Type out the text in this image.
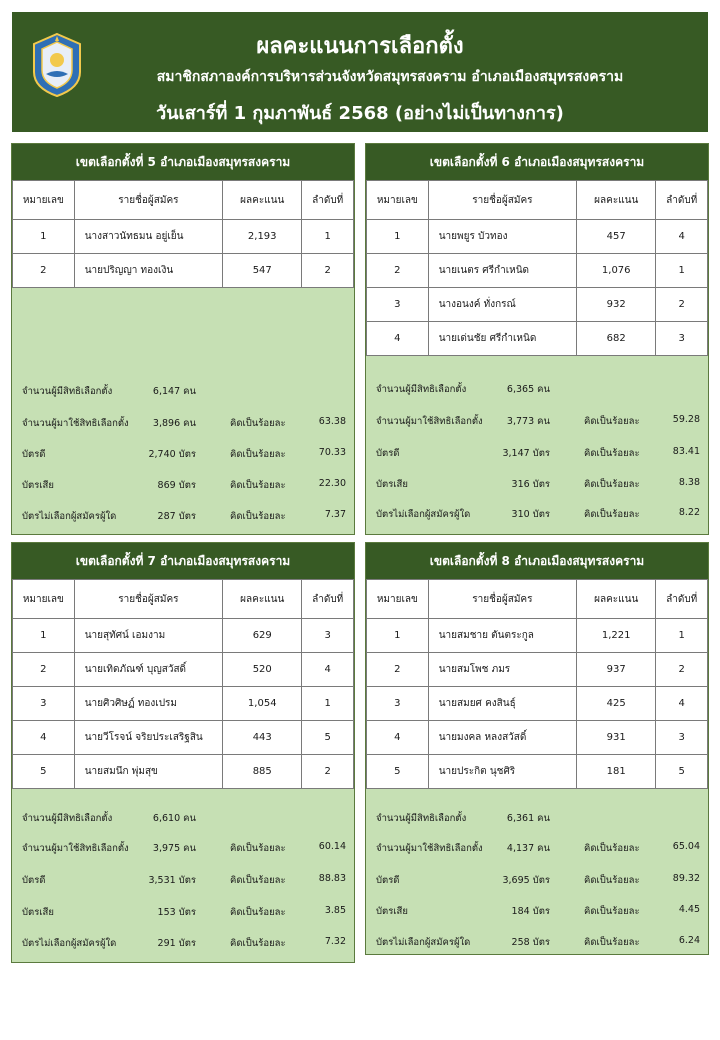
ผลคะแนนการเลือกตั้ง
สมาชิกสภาองค์การบริหารส่วนจังหวัดสมุทรสงคราม อำเภอเมืองสมุทรสงคราม
วันเสาร์ที่ 1 กุมภาพันธ์ 2568 (อย่างไม่เป็นทางการ)
เขตเลือกตั้งที่ 5 อำเภอเมืองสมุทรสงคราม
หมายเลข	รายชื่อผู้สมัคร	ผลคะแนน	ลำดับที่
1	นางสาวนัทธมน อยู่เย็น	2,193	1
2	นายปริญญา ทองเงิน	547	2
จำนวนผู้มีสิทธิเลือกตั้ง	6,147 คน
จำนวนผู้มาใช้สิทธิเลือกตั้ง	3,896 คน	คิดเป็นร้อยละ	63.38
บัตรดี	2,740 บัตร	คิดเป็นร้อยละ	70.33
บัตรเสีย	869 บัตร	คิดเป็นร้อยละ	22.30
บัตรไม่เลือกผู้สมัครผู้ใด	287 บัตร	คิดเป็นร้อยละ	7.37
เขตเลือกตั้งที่ 6 อำเภอเมืองสมุทรสงคราม
หมายเลข	รายชื่อผู้สมัคร	ผลคะแนน	ลำดับที่
1	นายพยูร บัวทอง	457	4
2	นายเนตร ศรีกำเหนิด	1,076	1
3	นางอนงค์ ทั่งกรณ์	932	2
4	นายเด่นชัย ศรีกำเหนิด	682	3
จำนวนผู้มีสิทธิเลือกตั้ง	6,365 คน
จำนวนผู้มาใช้สิทธิเลือกตั้ง	3,773 คน	คิดเป็นร้อยละ	59.28
บัตรดี	3,147 บัตร	คิดเป็นร้อยละ	83.41
บัตรเสีย	316 บัตร	คิดเป็นร้อยละ	8.38
บัตรไม่เลือกผู้สมัครผู้ใด	310 บัตร	คิดเป็นร้อยละ	8.22
เขตเลือกตั้งที่ 7 อำเภอเมืองสมุทรสงคราม
หมายเลข	รายชื่อผู้สมัคร	ผลคะแนน	ลำดับที่
1	นายสุทัศน์ เอมงาม	629	3
2	นายเทิดภัณฑ์ บุญสวัสดิ์	520	4
3	นายศิวศิษฏ์ ทองเปรม	1,054	1
4	นายวีโรจน์ จริยประเสริฐสิน	443	5
5	นายสมนึก พุ่มสุข	885	2
จำนวนผู้มีสิทธิเลือกตั้ง	6,610 คน
จำนวนผู้มาใช้สิทธิเลือกตั้ง	3,975 คน	คิดเป็นร้อยละ	60.14
บัตรดี	3,531 บัตร	คิดเป็นร้อยละ	88.83
บัตรเสีย	153 บัตร	คิดเป็นร้อยละ	3.85
บัตรไม่เลือกผู้สมัครผู้ใด	291 บัตร	คิดเป็นร้อยละ	7.32
เขตเลือกตั้งที่ 8 อำเภอเมืองสมุทรสงคราม
หมายเลข	รายชื่อผู้สมัคร	ผลคะแนน	ลำดับที่
1	นายสมชาย ตันตระกูล	1,221	1
2	นายสมโพช ภมร	937	2
3	นายสมยศ คงสินธุ์	425	4
4	นายมงคล หลงสวัสดิ์	931	3
5	นายประกิต นุชศิริ	181	5
จำนวนผู้มีสิทธิเลือกตั้ง	6,361 คน
จำนวนผู้มาใช้สิทธิเลือกตั้ง	4,137 คน	คิดเป็นร้อยละ	65.04
บัตรดี	3,695 บัตร	คิดเป็นร้อยละ	89.32
บัตรเสีย	184 บัตร	คิดเป็นร้อยละ	4.45
บัตรไม่เลือกผู้สมัครผู้ใด	258 บัตร	คิดเป็นร้อยละ	6.24
